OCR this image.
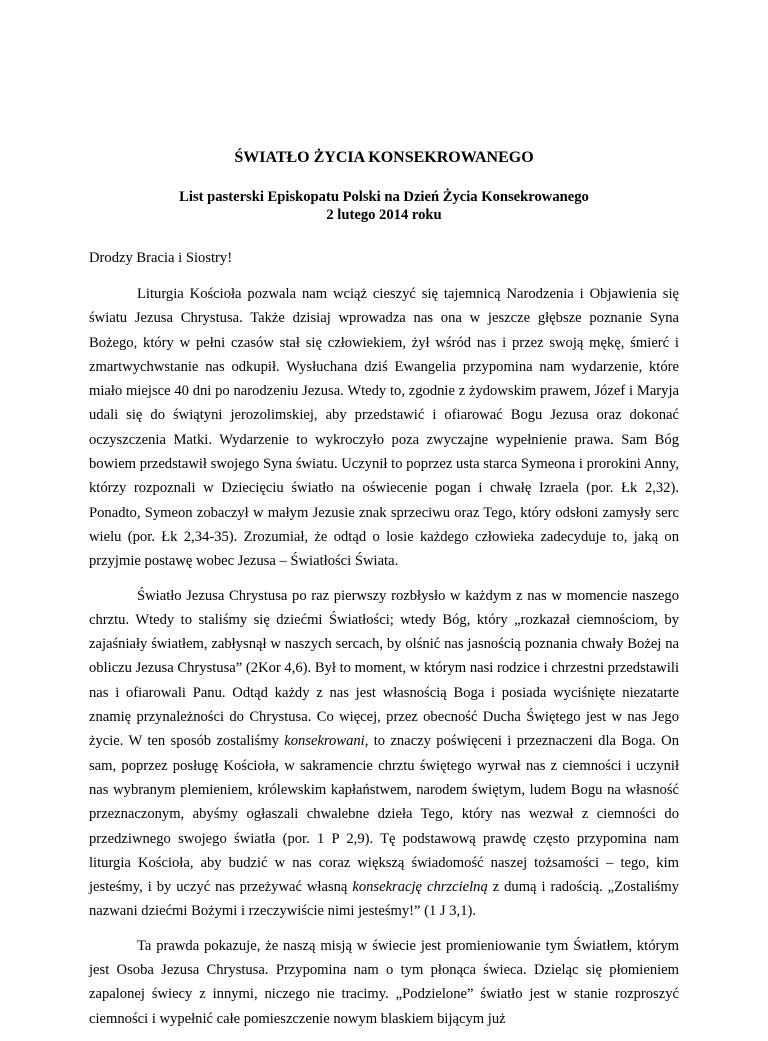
ŚWIATŁO ŻYCIA KONSEKROWANEGO
List pasterski Episkopatu Polski na Dzień Życia Konsekrowanego
2 lutego 2014 roku
Drodzy Bracia i Siostry!

Liturgia Kościoła pozwala nam wciąż cieszyć się tajemnicą Narodzenia i Objawienia się światu Jezusa Chrystusa. Także dzisiaj wprowadza nas ona w jeszcze głębsze poznanie Syna Bożego, który w pełni czasów stał się człowiekiem, żył wśród nas i przez swoją mękę, śmierć i zmartwychwstanie nas odkupił. Wysłuchana dziś Ewangelia przypomina nam wydarzenie, które miało miejsce 40 dni po narodzeniu Jezusa. Wtedy to, zgodnie z żydowskim prawem, Józef i Maryja udali się do świątyni jerozolimskiej, aby przedstawić i ofiarować Bogu Jezusa oraz dokonać oczyszczenia Matki. Wydarzenie to wykroczyło poza zwyczajne wypełnienie prawa. Sam Bóg bowiem przedstawił swojego Syna światu. Uczynił to poprzez usta starca Symeona i prorokini Anny, którzy rozpoznali w Dziecięciu światło na oświecenie pogan i chwałę Izraela (por. Łk 2,32). Ponadto, Symeon zobaczył w małym Jezusie znak sprzeciwu oraz Tego, który odsłoni zamysły serc wielu (por. Łk 2,34-35). Zrozumiał, że odtąd o losie każdego człowieka zadecyduje to, jaką on przyjmie postawę wobec Jezusa – Światłości Świata.

Światło Jezusa Chrystusa po raz pierwszy rozbłysło w każdym z nas w momencie naszego chrztu. Wtedy to staliśmy się dziećmi Światłości; wtedy Bóg, który „rozkazał ciemnościom, by zajaśniały światłem, zabłysnął w naszych sercach, by olśnić nas jasnością poznania chwały Bożej na obliczu Jezusa Chrystusa” (2Kor 4,6). Był to moment, w którym nasi rodzice i chrzestni przedstawili nas i ofiarowali Panu. Odtąd każdy z nas jest własnością Boga i posiada wyciśnięte niezatarte znamię przynależności do Chrystusa. Co więcej, przez obecność Ducha Świętego jest w nas Jego życie. W ten sposób zostaliśmy konsekrowani, to znaczy poświęceni i przeznaczeni dla Boga. On sam, poprzez posługę Kościoła, w sakramencie chrztu świętego wyrwał nas z ciemności i uczynił nas wybranym plemieniem, królewskim kapłaństwem, narodem świętym, ludem Bogu na własność przeznaczonym, abyśmy ogłaszali chwalebne dzieła Tego, który nas wezwał z ciemności do przedziwnego swojego światła (por. 1 P 2,9). Tę podstawową prawdę często przypomina nam liturgia Kościoła, aby budzić w nas coraz większą świadomość naszej tożsamości – tego, kim jesteśmy, i by uczyć nas przeżywać własną konsekrację chrzcielną z dumą i radością. „Zostaliśmy nazwani dziećmi Bożymi i rzeczywiście nimi jesteśmy!” (1 J 3,1).

Ta prawda pokazuje, że naszą misją w świecie jest promieniowanie tym Światłem, którym jest Osoba Jezusa Chrystusa. Przypomina nam o tym płonąca świeca. Dzieląc się płomieniem zapalonej świecy z innymi, niczego nie tracimy. „Podzielone” światło jest w stanie rozproszyć ciemności i wypełnić całe pomieszczenie nowym blaskiem bijącym już
